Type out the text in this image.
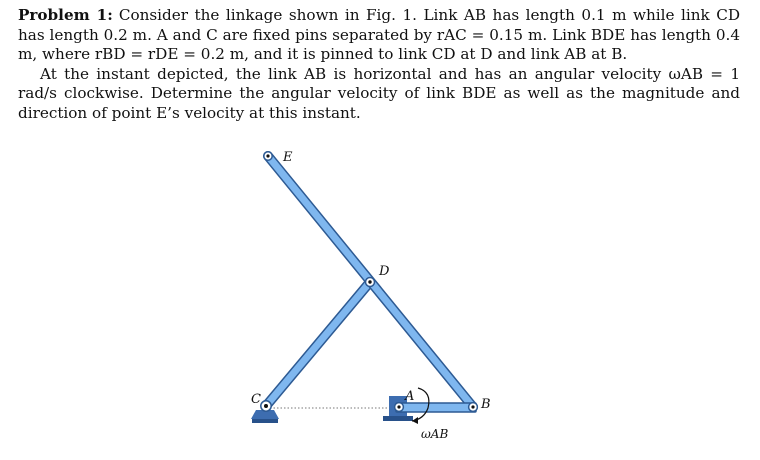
Problem 1: Consider the linkage shown in Fig. 1. Link AB has length 0.1 m while link CD has length 0.2 m. A and C are fixed pins separated by rAC = 0.15 m. Link BDE has length 0.4 m, where rBD = rDE = 0.2 m, and it is pinned to link CD at D and link AB at B.

At the instant depicted, the link AB is horizontal and has an angular velocity ωAB = 1 rad/s clockwise. Determine the angular velocity of link BDE as well as the magnitude and direction of point E’s velocity at this instant.

E
D
C	A
B
ωAB
